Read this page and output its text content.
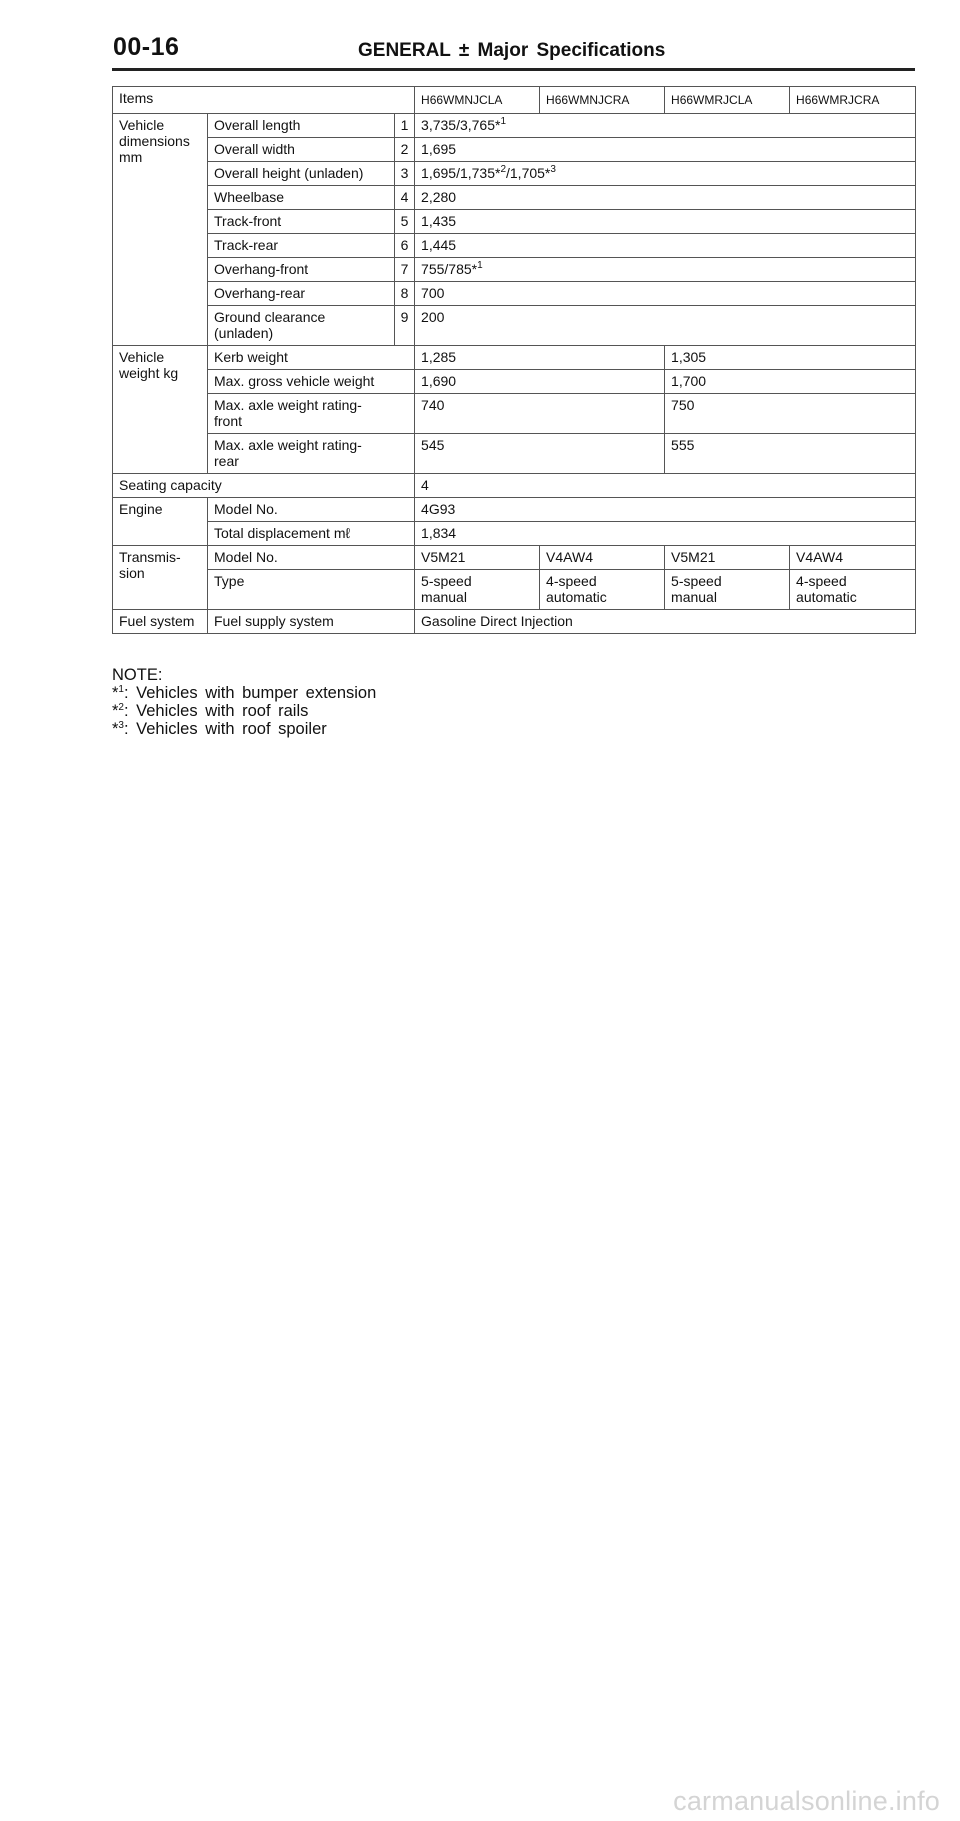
00-16	GENERAL ± Major Specifications
Items			H66WMNJCLA	H66WMNJCRA	H66WMRJCLA	H66WMRJCRA
Vehicle dimensions mm	Overall length	1	3,735/3,765*$^1$
	Overall width	2	1,695			
	Overall height (unladen)	3	1,695/1,735*$^2$/1,705*$^3$
	Wheelbase	4	2,280			
	Track-front	5	1,435			
	Track-rear	6	1,445			
	Overhang-front	7	755/785*$^1$
	Overhang-rear	8	700			
	Ground clearance (unladen)	9	200			
Vehicle weight kg	Kerb weight		1,285		1,305	
	Max. gross vehicle weight		1,690		1,700	
	Max. axle weight rating-front		740		750	
	Max. axle weight rating-rear		545		555	
Seating capacity			4			
Engine	Model No.		4G93			
	Total displacement mℓ		1,834			
Transmis- sion	Model No.		V5M21	V4AW4	V5M21	V4AW4
	Type		5-speed manual	4-speed automatic	5-speed manual	4-speed automatic
Fuel system	Fuel supply system		Gasoline Direct Injection			
NOTE:
*$^1$: Vehicles with bumper extension
*$^2$: Vehicles with roof rails
*$^3$: Vehicles with roof spoiler
carmanualsonline.info
